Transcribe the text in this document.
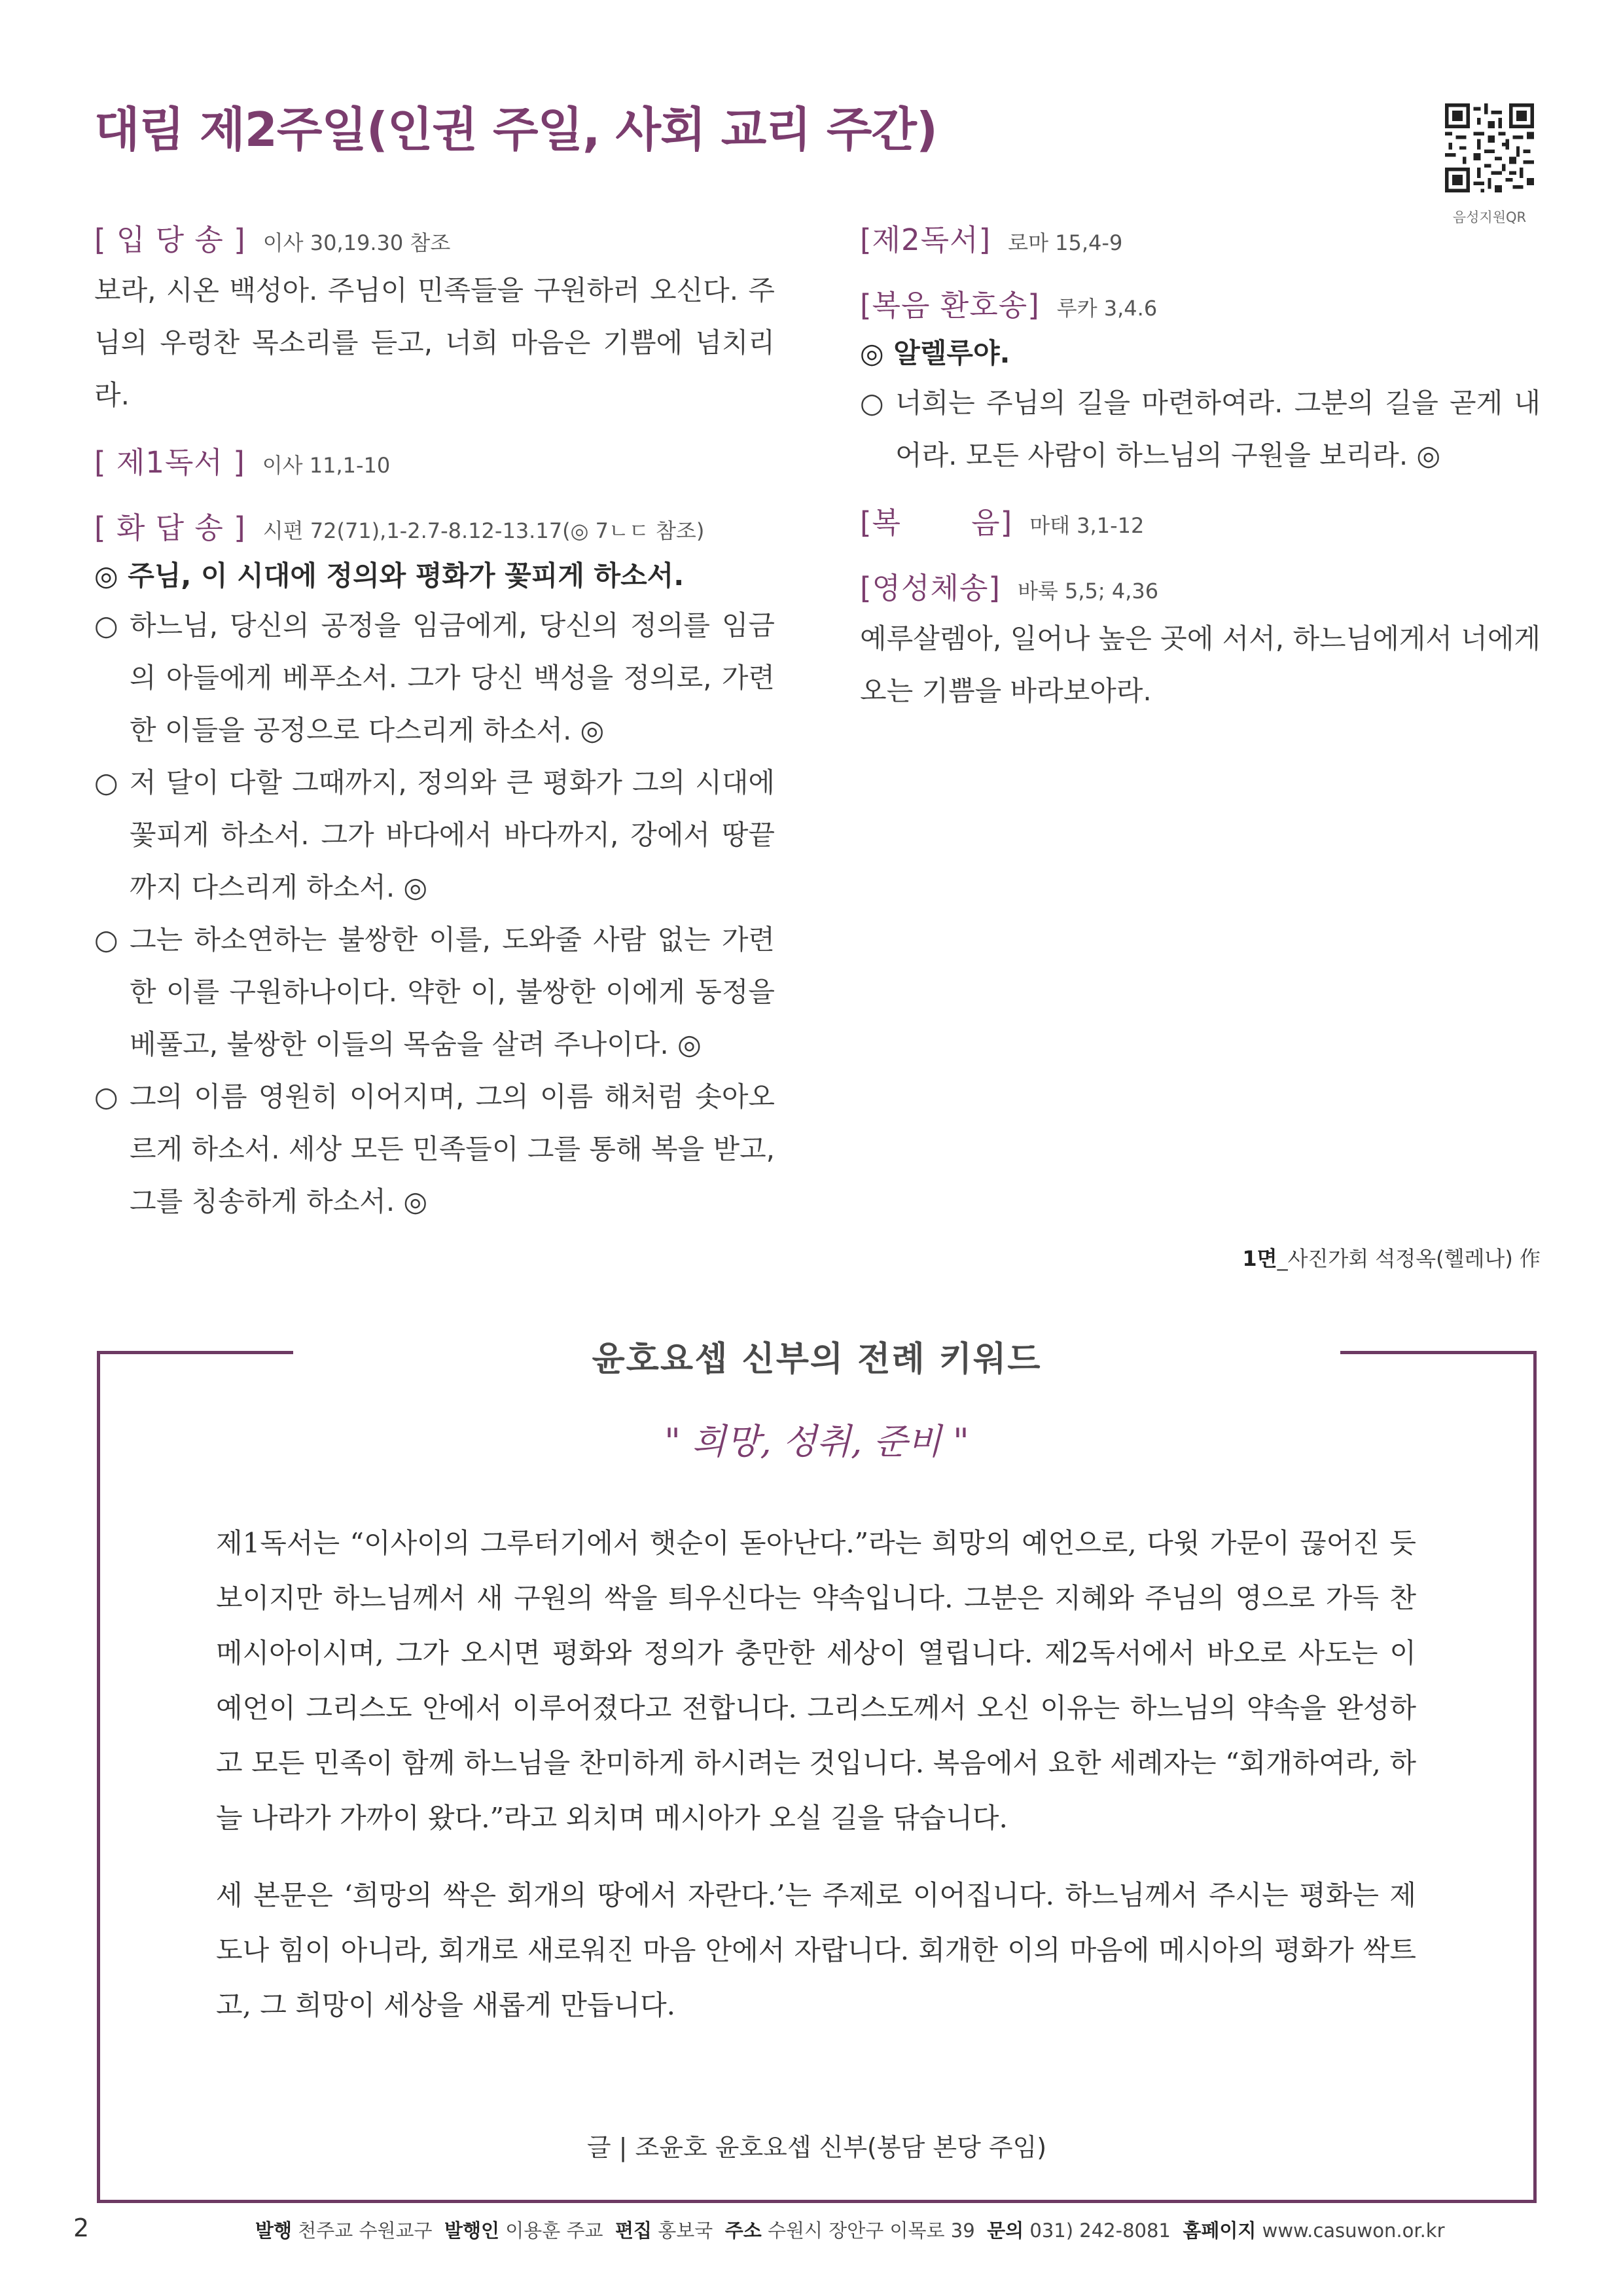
대림 제2주일(인권 주일, 사회 교리 주간)
음성지원QR
[ 입 당 송 ] 이사 30,19.30 참조
보라, 시온 백성아. 주님이 민족들을 구원하러 오신다. 주님의 우렁찬 목소리를 듣고, 너희 마음은 기쁨에 넘치리라.
[ 제1독서 ] 이사 11,1-10
[ 화 답 송 ] 시편 72(71),1-2.7-8.12-13.17(◎ 7ㄴㄷ 참조)
◎ 주님, 이 시대에 정의와 평화가 꽃피게 하소서.
○ 하느님, 당신의 공정을 임금에게, 당신의 정의를 임금의 아들에게 베푸소서. 그가 당신 백성을 정의로, 가련한 이들을 공정으로 다스리게 하소서. ◎
○ 저 달이 다할 그때까지, 정의와 큰 평화가 그의 시대에 꽃피게 하소서. 그가 바다에서 바다까지, 강에서 땅끝까지 다스리게 하소서. ◎
○ 그는 하소연하는 불쌍한 이를, 도와줄 사람 없는 가련한 이를 구원하나이다. 약한 이, 불쌍한 이에게 동정을 베풀고, 불쌍한 이들의 목숨을 살려 주나이다. ◎
○ 그의 이름 영원히 이어지며, 그의 이름 해처럼 솟아오르게 하소서. 세상 모든 민족들이 그를 통해 복을 받고, 그를 칭송하게 하소서. ◎
[제2독서] 로마 15,4-9
[복음 환호송] 루카 3,4.6
◎ 알렐루야.
○ 너희는 주님의 길을 마련하여라. 그분의 길을 곧게 내어라. 모든 사람이 하느님의 구원을 보리라. ◎
[복       음] 마태 3,1-12
[영성체송] 바룩 5,5; 4,36
예루살렘아, 일어나 높은 곳에 서서, 하느님에게서 너에게 오는 기쁨을 바라보아라.
1면_사진가회 석정옥(헬레나) 作
윤호요셉 신부의 전례 키워드
" 희망, 성취, 준비 "

제1독서는 “이사이의 그루터기에서 햇순이 돋아난다.”라는 희망의 예언으로, 다윗 가문이 끊어진 듯 보이지만 하느님께서 새 구원의 싹을 틔우신다는 약속입니다. 그분은 지혜와 주님의 영으로 가득 찬 메시아이시며, 그가 오시면 평화와 정의가 충만한 세상이 열립니다. 제2독서에서 바오로 사도는 이 예언이 그리스도 안에서 이루어졌다고 전합니다. 그리스도께서 오신 이유는 하느님의 약속을 완성하고 모든 민족이 함께 하느님을 찬미하게 하시려는 것입니다. 복음에서 요한 세례자는 “회개하여라, 하늘 나라가 가까이 왔다.”라고 외치며 메시아가 오실 길을 닦습니다.

세 본문은 ‘희망의 싹은 회개의 땅에서 자란다.’는 주제로 이어집니다. 하느님께서 주시는 평화는 제도나 힘이 아니라, 회개로 새로워진 마음 안에서 자랍니다. 회개한 이의 마음에 메시아의 평화가 싹트고, 그 희망이 세상을 새롭게 만듭니다.

글 | 조윤호 윤호요셉 신부(봉담 본당 주임)
2	발행 천주교 수원교구 발행인 이용훈 주교 편집 홍보국 주소 수원시 장안구 이목로 39 문의 031) 242-8081 홈페이지 www.casuwon.or.kr
